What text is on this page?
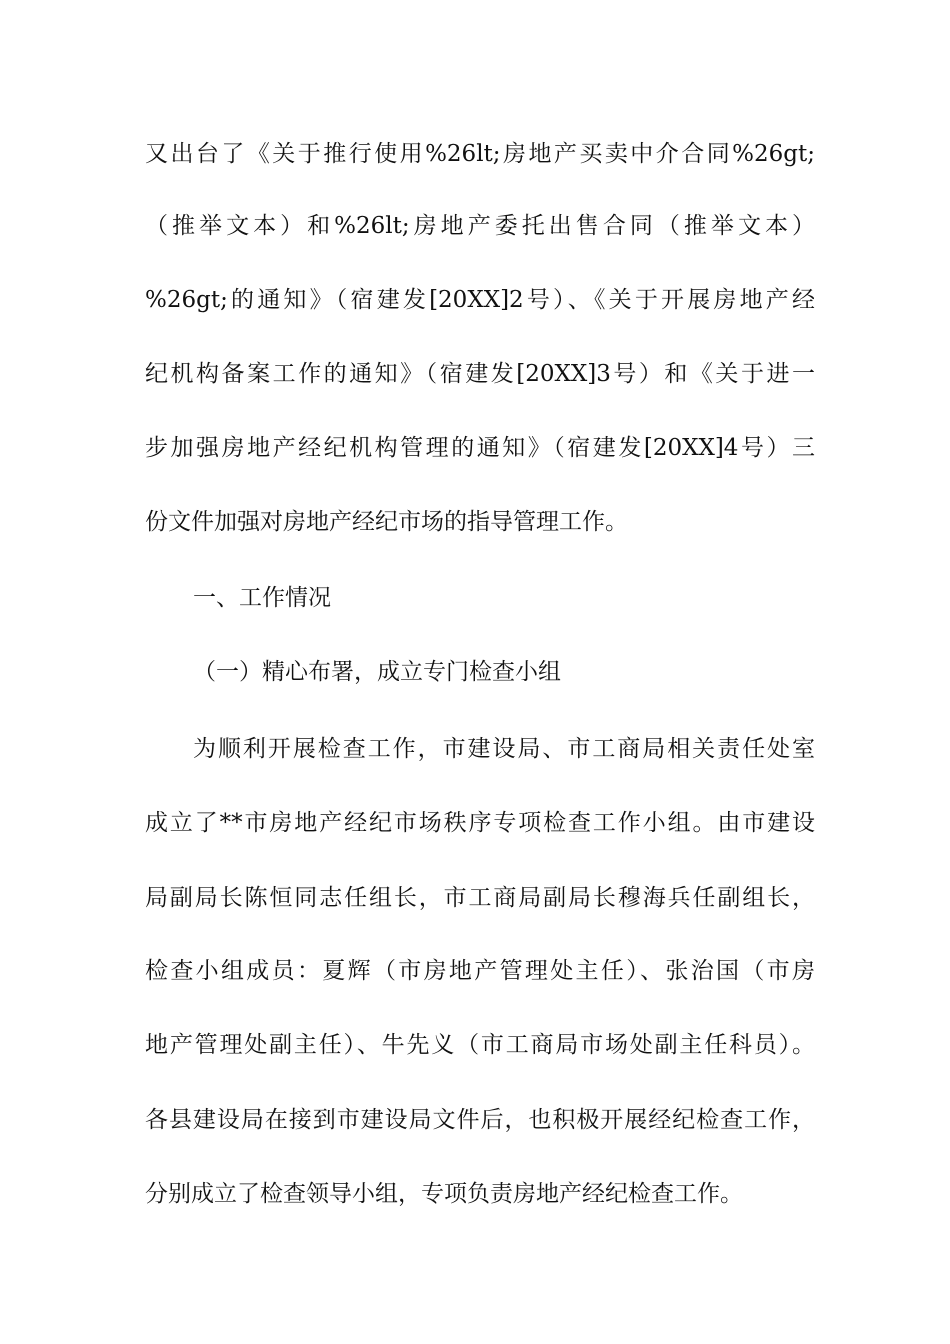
又出台了《关于推行使用%26lt;房地产买卖中介合同%26gt;
（推举文本）和%26lt;房地产委托出售合同（推举文本）
%26gt;的通知》（宿建发[20XX]2号）、《关于开展房地产经
纪机构备案工作的通知》（宿建发[20XX]3号）和《关于进一
步加强房地产经纪机构管理的通知》（宿建发[20XX]4号）三
份文件加强对房地产经纪市场的指导管理工作。
一、工作情况
（一）精心布署，成立专门检查小组
为顺利开展检查工作，市建设局、市工商局相关责任处室
成立了**市房地产经纪市场秩序专项检查工作小组。由市建设
局副局长陈恒同志任组长，市工商局副局长穆海兵任副组长，
检查小组成员：夏辉（市房地产管理处主任）、张治国（市房
地产管理处副主任）、牛先义（市工商局市场处副主任科员）。
各县建设局在接到市建设局文件后，也积极开展经纪检查工作，
分别成立了检查领导小组，专项负责房地产经纪检查工作。
